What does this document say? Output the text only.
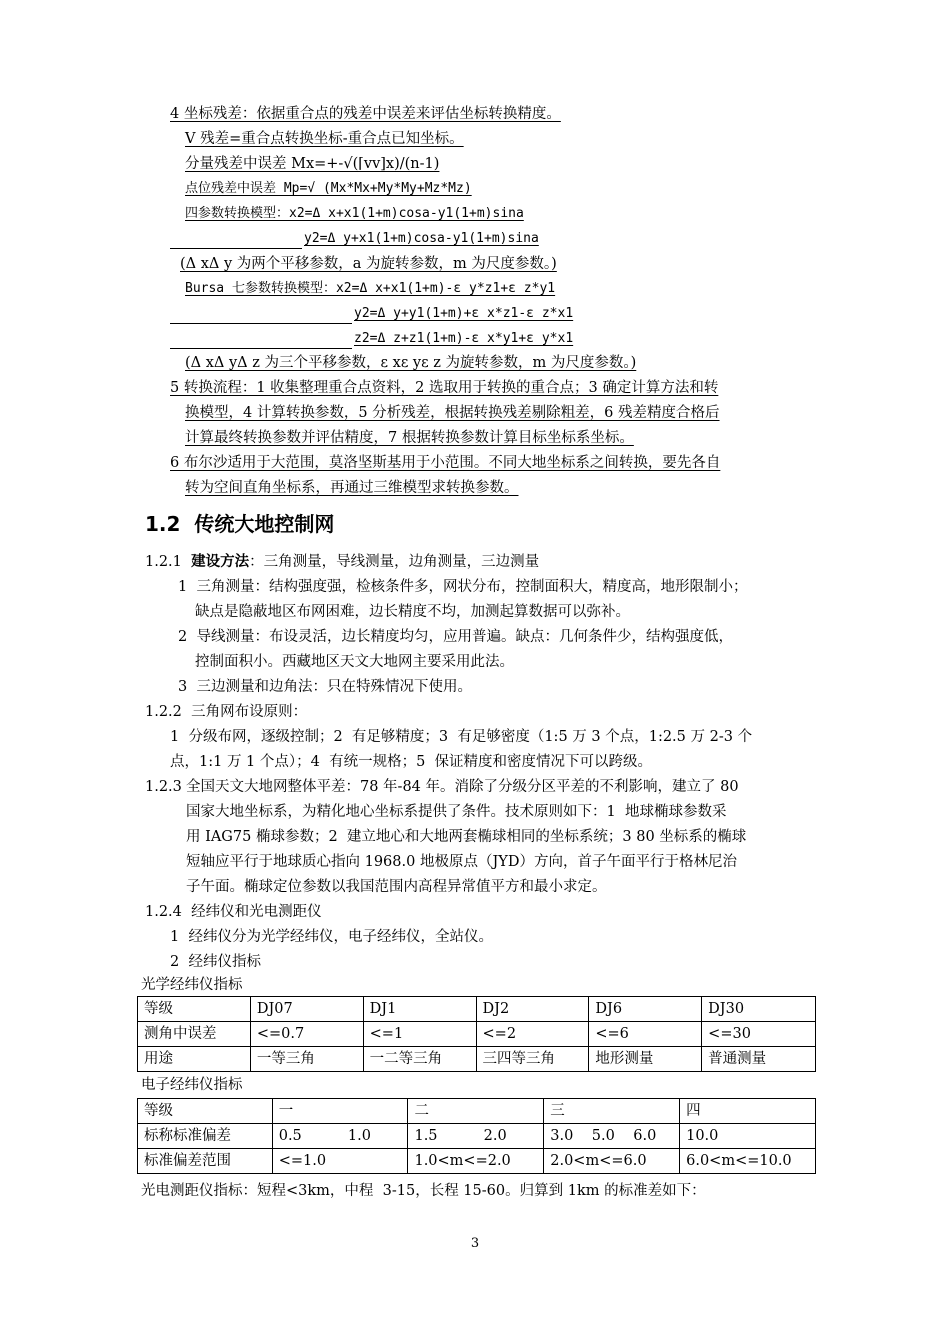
4 坐标残差：依据重合点的残差中误差来评估坐标转换精度。
V 残差=重合点转换坐标-重合点已知坐标。
分量残差中误差 Mx=+-√(⌈vv]x)/(n-1)
点位残差中误差 Mp=√ (Mx*Mx+My*My+Mz*Mz)
四参数转换模型：x2=Δ x+x1(1+m)cosa-y1(1+m)sina
y2=Δ y+x1(1+m)cosa-y1(1+m)sina
(Δ xΔ y 为两个平移参数，a 为旋转参数，m 为尺度参数。)
Bursa 七参数转换模型：x2=Δ x+x1(1+m)-ε y*z1+ε z*y1
y2=Δ y+y1(1+m)+ε x*z1-ε z*x1
z2=Δ z+z1(1+m)-ε x*y1+ε y*x1
(Δ xΔ yΔ z 为三个平移参数，ε xε yε z 为旋转参数，m 为尺度参数。)
5 转换流程：1 收集整理重合点资料，2 选取用于转换的重合点；3 确定计算方法和转
换模型，4 计算转换参数，5 分析残差，根据转换残差剔除粗差，6 残差精度合格后
计算最终转换参数并评估精度，7 根据转换参数计算目标坐标系坐标。
6 布尔沙适用于大范围，莫洛坚斯基用于小范围。不同大地坐标系之间转换，要先各自
转为空间直角坐标系，再通过三维模型求转换参数。
1.2  传统大地控制网
1.2.1 建设方法：三角测量，导线测量，边角测量，三边测量
1  三角测量：结构强度强，检核条件多，网状分布，控制面积大，精度高，地形限制小；
缺点是隐蔽地区布网困难，边长精度不均，加测起算数据可以弥补。
2  导线测量：布设灵活，边长精度均匀，应用普遍。缺点：几何条件少，结构强度低，
控制面积小。西藏地区天文大地网主要采用此法。
3  三边测量和边角法：只在特殊情况下使用。
1.2.2  三角网布设原则：
1  分级布网，逐级控制；2  有足够精度；3  有足够密度（1:5 万 3 个点，1:2.5 万 2-3 个
点，1:1 万 1 个点）；4  有统一规格；5  保证精度和密度情况下可以跨级。
1.2.3 全国天文大地网整体平差：78 年-84 年。消除了分级分区平差的不利影响，建立了 80
国家大地坐标系，为精化地心坐标系提供了条件。技术原则如下：1  地球椭球参数采
用 IAG75 椭球参数；2  建立地心和大地两套椭球相同的坐标系统；3 80 坐标系的椭球
短轴应平行于地球质心指向 1968.0 地极原点（JYD）方向，首子午面平行于格林尼治
子午面。椭球定位参数以我国范围内高程异常值平方和最小求定。
1.2.4  经纬仪和光电测距仪
1  经纬仪分为光学经纬仪，电子经纬仪，全站仪。
2  经纬仪指标
光学经纬仪指标
等级	DJ07	DJ1	DJ2	DJ6	DJ30
测角中误差	<=0.7	<=1	<=2	<=6	<=30
用途	一等三角	一二等三角	三四等三角	地形测量	普通测量
电子经纬仪指标
等级	一	二	三	四
标称标准偏差	0.5          1.0	1.5          2.0	3.0    5.0    6.0	10.0
标准偏差范围	<=1.0	1.0<m<=2.0	2.0<m<=6.0	6.0<m<=10.0
光电测距仪指标：短程<3km，中程  3-15，长程 15-60。归算到 1km 的标准差如下：
3
